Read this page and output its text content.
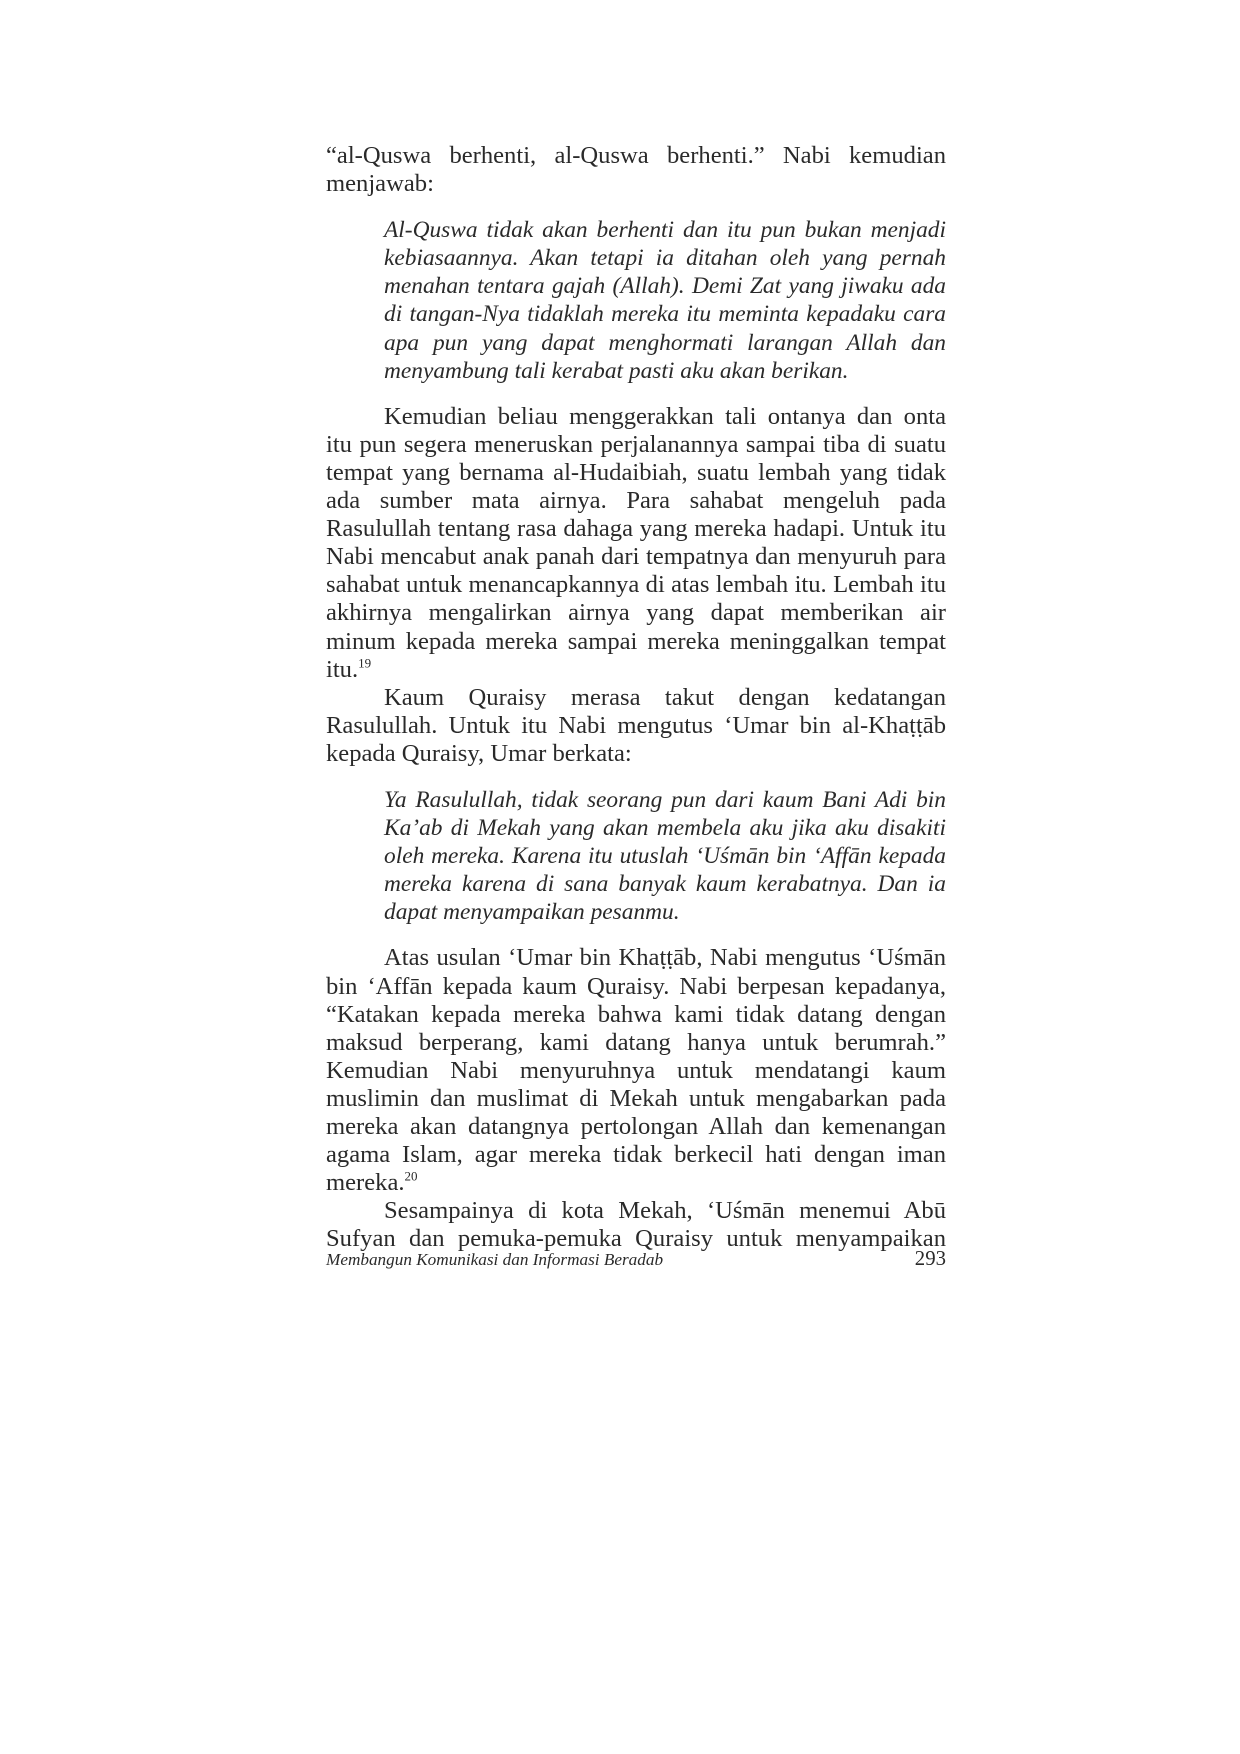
“al-Quswa berhenti, al-Quswa berhenti.” Nabi kemudian menjawab:

Al-Quswa tidak akan berhenti dan itu pun bukan menjadi kebiasaannya. Akan tetapi ia ditahan oleh yang pernah menahan tentara gajah (Allah). Demi Zat yang jiwaku ada di tangan-Nya tidaklah mereka itu meminta kepadaku cara apa pun yang dapat menghormati larangan Allah dan menyambung tali kerabat pasti aku akan berikan.

Kemudian beliau menggerakkan tali ontanya dan onta itu pun segera meneruskan perjalanannya sampai tiba di suatu tempat yang bernama al-Hudaibiah, suatu lembah yang tidak ada sumber mata airnya. Para sahabat mengeluh pada Rasulullah tentang rasa dahaga yang mereka hadapi. Untuk itu Nabi mencabut anak panah dari tempatnya dan menyuruh para sahabat untuk menancapkannya di atas lembah itu. Lembah itu akhirnya mengalirkan airnya yang dapat memberikan air minum kepada mereka sampai mereka meninggalkan tempat itu.$^{19}$

Kaum Quraisy merasa takut dengan kedatangan Rasulullah. Untuk itu Nabi mengutus ‘Umar bin al-Khaṭṭāb kepada Quraisy, Umar berkata:

Ya Rasulullah, tidak seorang pun dari kaum Bani Adi bin Ka’ab di Mekah yang akan membela aku jika aku disakiti oleh mereka. Karena itu utuslah ‘Uśmān bin ‘Affān kepada mereka karena di sana banyak kaum kerabatnya. Dan ia dapat menyampaikan pesanmu.

Atas usulan ‘Umar bin Khaṭṭāb, Nabi mengutus ‘Uśmān bin ‘Affān kepada kaum Quraisy. Nabi berpesan kepadanya, “Katakan kepada mereka bahwa kami tidak datang dengan maksud berperang, kami datang hanya untuk berumrah.” Kemudian Nabi menyuruhnya untuk mendatangi kaum muslimin dan muslimat di Mekah untuk mengabarkan pada mereka akan datangnya pertolongan Allah dan kemenangan agama Islam, agar mereka tidak berkecil hati dengan iman mereka.$^{20}$

Sesampainya di kota Mekah, ‘Uśmān menemui Abū Sufyan dan pemuka-pemuka Quraisy untuk menyampaikan

Membangun Komunikasi dan Informasi Beradab	293
